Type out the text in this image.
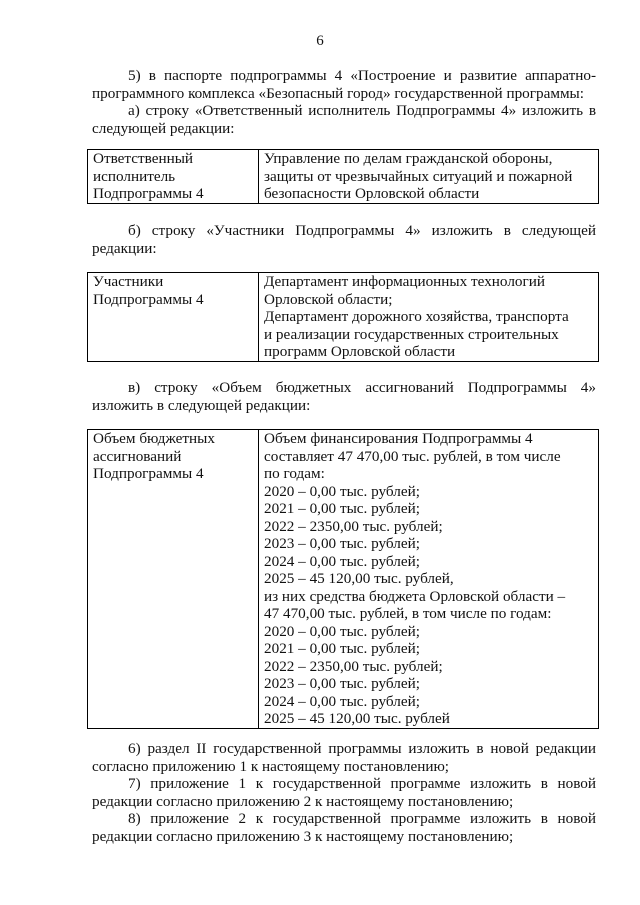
6

5) в паспорте подпрограммы 4 «Построение и развитие аппаратно-программного комплекса «Безопасный город» государственной программы:

а) строку «Ответственный исполнитель Подпрограммы 4» изложить в следующей редакции:

Ответственный
исполнитель
Подпрограммы 4

Управление по делам гражданской обороны,
защиты от чрезвычайных ситуаций и пожарной
безопасности Орловской области

б) строку «Участники Подпрограммы 4» изложить в следующей редакции:

Участники
Подпрограммы 4

Департамент информационных технологий
Орловской области;
Департамент дорожного хозяйства, транспорта
и реализации государственных строительных
программ Орловской области

в) строку «Объем бюджетных ассигнований Подпрограммы 4» изложить в следующей редакции:

Объем бюджетных
ассигнований
Подпрограммы 4

Объем финансирования Подпрограммы 4
составляет 47 470,00 тыс. рублей, в том числе
по годам:
2020 – 0,00 тыс. рублей;
2021 – 0,00 тыс. рублей;
2022 – 2350,00 тыс. рублей;
2023 – 0,00 тыс. рублей;
2024 – 0,00 тыс. рублей;
2025 – 45 120,00 тыс. рублей,
из них средства бюджета Орловской области –
47 470,00 тыс. рублей, в том числе по годам:
2020 – 0,00 тыс. рублей;
2021 – 0,00 тыс. рублей;
2022 – 2350,00 тыс. рублей;
2023 – 0,00 тыс. рублей;
2024 – 0,00 тыс. рублей;
2025 – 45 120,00 тыс. рублей

6) раздел II государственной программы изложить в новой редакции согласно приложению 1 к настоящему постановлению;

7) приложение 1 к государственной программе изложить в новой редакции согласно приложению 2 к настоящему постановлению;

8) приложение 2 к государственной программе изложить в новой редакции согласно приложению 3 к настоящему постановлению;
